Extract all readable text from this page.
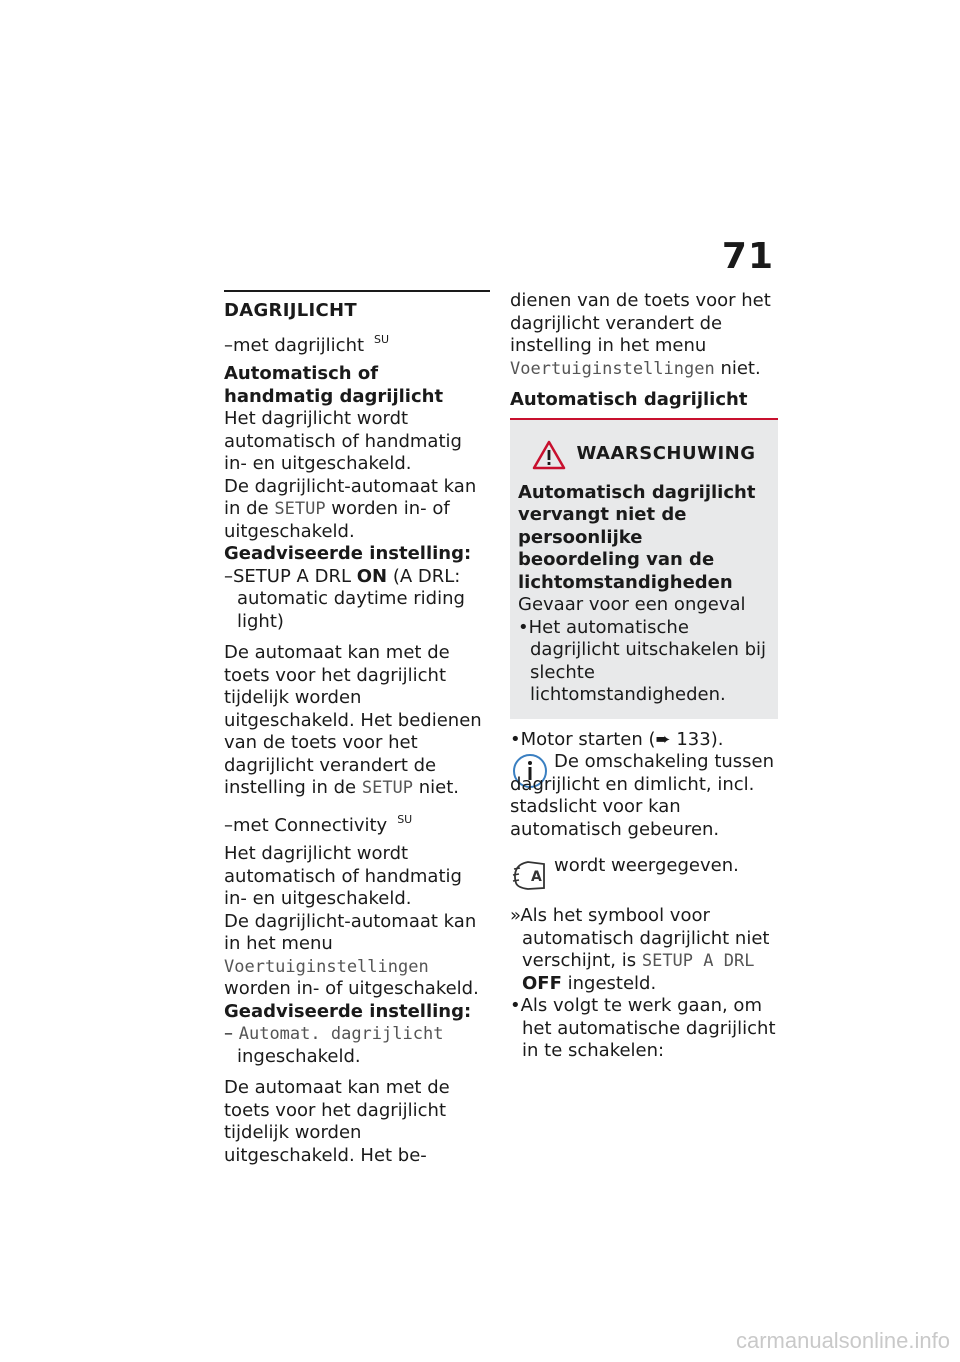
71
DAGRIJLICHT
–met dagrijlicht $^{SU}$

Automatisch of handmatig dagrijlicht

Het dagrijlicht wordt automatisch of handmatig in- en uitgeschakeld.

De dagrijlicht-automaat kan in de SETUP worden in- of uitgeschakeld.

Geadviseerde instelling:

–SETUP A DRL ON (A DRL: automatic daytime riding light)

De automaat kan met de toets voor het dagrijlicht tijdelijk worden uitgeschakeld. Het bedienen van de toets voor het dagrijlicht verandert de instelling in de SETUP niet.

–met Connectivity $^{SU}$

Het dagrijlicht wordt automatisch of handmatig in- en uitgeschakeld.

De dagrijlicht-automaat kan in het menu Voertuiginstellingen worden in- of uitgeschakeld.

Geadviseerde instelling:

– Automat. dagrijlicht ingeschakeld.

De automaat kan met de toets voor het dagrijlicht tijdelijk worden uitgeschakeld. Het be-

dienen van de toets voor het dagrijlicht verandert de instelling in het menu Voertuiginstellingen niet.

Automatisch dagrijlicht

WAARSCHUWING

Automatisch dagrijlicht vervangt niet de persoonlijke beoordeling van de lichtomstandigheden

Gevaar voor een ongeval

•Het automatische dagrijlicht uitschakelen bij slechte lichtomstandigheden.

•Motor starten (➨ 133).

De omschakeling tussen dagrijlicht en dimlicht, incl. stadslicht voor kan automatisch gebeuren.

A

wordt weergegeven.

»Als het symbool voor automatisch dagrijlicht niet verschijnt, is SETUP A DRL OFF ingesteld.

•Als volgt te werk gaan, om het automatische dagrijlicht in te schakelen:

carmanualsonline.info
